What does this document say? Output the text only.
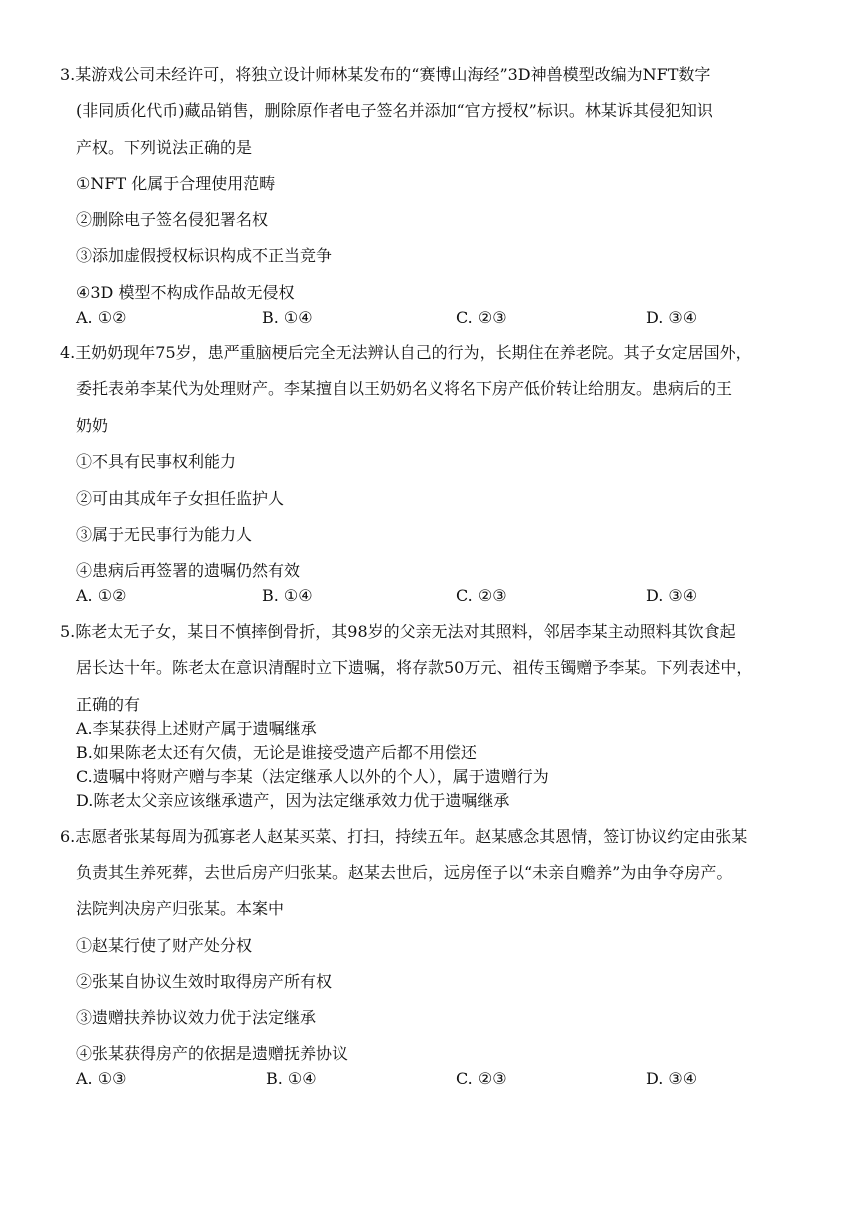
3.某游戏公司未经许可，将独立设计师林某发布的“赛博山海经”3D神兽模型改编为NFT数字
(非同质化代币)藏品销售，删除原作者电子签名并添加“官方授权”标识。林某诉其侵犯知识
产权。下列说法正确的是
①NFT 化属于合理使用范畴
②删除电子签名侵犯署名权
③添加虚假授权标识构成不正当竞争
④3D 模型不构成作品故无侵权
A. ①②	B. ①④	C. ②③	D. ③④
4.王奶奶现年75岁，患严重脑梗后完全无法辨认自己的行为，长期住在养老院。其子女定居国外，
委托表弟李某代为处理财产。李某擅自以王奶奶名义将名下房产低价转让给朋友。患病后的王
奶奶
①不具有民事权利能力
②可由其成年子女担任监护人
③属于无民事行为能力人
④患病后再签署的遗嘱仍然有效
A. ①②	B. ①④	C. ②③	D. ③④
5.陈老太无子女，某日不慎摔倒骨折，其98岁的父亲无法对其照料，邻居李某主动照料其饮食起
居长达十年。陈老太在意识清醒时立下遗嘱，将存款50万元、祖传玉镯赠予李某。下列表述中，
正确的有
A.李某获得上述财产属于遗嘱继承
B.如果陈老太还有欠债，无论是谁接受遗产后都不用偿还
C.遗嘱中将财产赠与李某（法定继承人以外的个人），属于遗赠行为
D.陈老太父亲应该继承遗产，因为法定继承效力优于遗嘱继承
6.志愿者张某每周为孤寡老人赵某买菜、打扫，持续五年。赵某感念其恩情，签订协议约定由张某
负责其生养死葬，去世后房产归张某。赵某去世后，远房侄子以“未亲自赡养”为由争夺房产。
法院判决房产归张某。本案中
①赵某行使了财产处分权
②张某自协议生效时取得房产所有权
③遗赠扶养协议效力优于法定继承
④张某获得房产的依据是遗赠抚养协议
A. ①③	B. ①④	C. ②③	D. ③④
